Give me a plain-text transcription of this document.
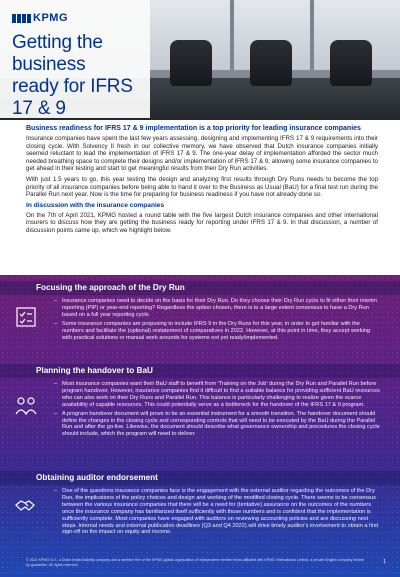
KPMG
Getting the business
ready for IFRS 17 & 9
Business readiness for IFRS 17 & 9 implementation is a top priority for leading insurance companies

Insurance companies have spent the last few years assessing, designing and implementing IFRS 17 & 9 requirements into their closing cycle. With Solvency II fresh in our collective memory, we have observed that Dutch insurance companies initially seemed reluctant to lead the implementation of IFRS 17 & 9. The one-year delay of implementation afforded the sector much needed breathing space to complete their designs and/or implementation of IFRS 17 & 9, allowing some insurance companies to get ahead in their testing and start to get meaningful results from their Dry Run activities.

With just 1.5 years to go, this year testing the design and analyzing first results through Dry Runs needs to become the top priority of all insurance companies before being able to hand it over to the Business as Usual (BaU) for a final test run during the Parallel Run next year. Now is the time for preparing for business readiness if you have not already done so.

In discussion with the insurance companies

On the 7th of April 2021, KPMG hosted a round table with the five largest Dutch insurance companies and other international insurers to discuss how they are getting the business ready for reporting under IFRS 17 & 9. In that discussion, a number of discussion points came up, which we highlight below.

Focusing the approach of the Dry Run
– Insurance companies need to decide on the basis for their Dry Run. Do they choose their Dry Run cycle to fit either their interim reporting (PIP) or year-end reporting? Regardless the option chosen, there is to a large extent consensus to have a Dry Run based on a full year reporting cycle.
– Some insurance companies are proposing to include IFRS 9 in the Dry Runs for this year, in order to get familiar with the numbers and facilitate the (optional) restatement of comparatives in 2022. However, at this point in time, they accept working with practical solutions or manual work arounds for systems not yet ready/implemented.
Planning the handover to BaU
– Most insurance companies want their BaU staff to benefit from 'Training on the Job' during the Dry Run and Parallel Run before program handover. However, insurance companies find it difficult to find a suitable balance for providing sufficient BaU resources who can also work on their Dry Runs and Parallel Run. This balance is particularly challenging to realize given the scarce availability of capable resources. This could potentially serve as a bottleneck for the handover of the IFRS 17 & 9 program.
– A program handover document will prove to be an essential instrument for a smooth transition. The handover document should define the changes in the closing cycle and corresponding controls that will need to be executed by the BaU during the Parallel Run and after the go-live. Likewise, the document should describe what governance ownership and procedures the closing cycle should include, which the program will need to deliver.
Obtaining auditor endorsement
– One of the questions insurance companies face is the engagement with the external auditor regarding the outcomes of the Dry Run, the implications of the policy choices and design and working of the modified closing cycle. There seems to be consensus between the various insurance companies that there will be a need for (tentative) assurance on the outcomes of the numbers once the insurance company has familiarized itself sufficiently with those numbers and is confident that the implementation is sufficiently complete. Most companies have engaged with auditors on reviewing accounting policies and are discussing next steps. Internal needs and external publication deadlines (Q3 and Q4 2022) will drive timely auditor's involvement to obtain a first sign-off on the impact on equity and income.
© 2021 KPMG N.V., a Dutch limited liability company and a member firm of the KPMG global organization of independent member firms affiliated with KPMG International Limited, a private English company limited by guarantee. All rights reserved.	1
